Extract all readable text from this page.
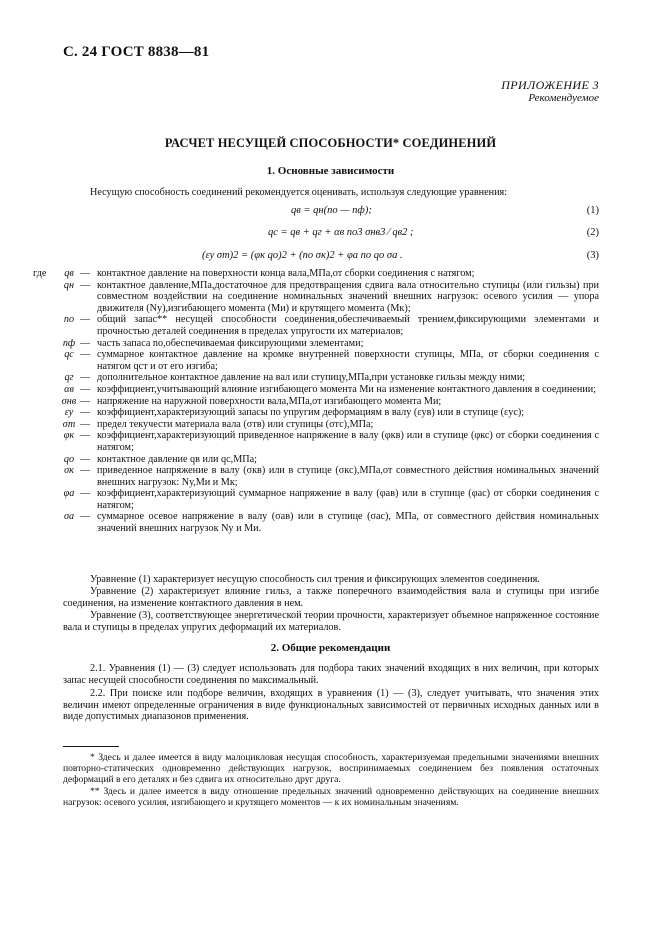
С. 24 ГОСТ 8838—81
ПРИЛОЖЕНИЕ 3
Рекомендуемое
РАСЧЕТ НЕСУЩЕЙ СПОСОБНОСТИ* СОЕДИНЕНИЙ
1. Основные зависимости
Несущую способность соединений рекомендуется оценивать, используя следующие уравнения:
qв = qн(nо — nф);	(1)
qс = qв + qг + αв nо3 σнв3 ⁄ qв2 ;	(2)
(εу σт)2 = (φк qо)2 + (nо σк)2 + φа nо qо σа .	(3)
где	qв	—	контактное давление на поверхности конца вала,МПа,от сборки соединения с натягом;
	qн	—	контактное давление,МПа,достаточное для предотвращения сдвига вала относительно ступицы (или гильзы) при совместном воздействии на соединение номинальных значений внешних нагрузок: осевого усилия — упора движителя (Nу),изгибающего момента (Mи) и крутящего момента (Mк);
	nо	—	общий запас** несущей способности соединения,обеспечиваемый трением,фиксирующими элементами и прочностью деталей соединения в пределах упругости их материалов;
	nф	—	часть запаса nо,обеспечиваемая фиксирующими элементами;
	qс	—	суммарное контактное давление на кромке внутренней поверхности ступицы, МПа, от сборки соединения с натягом qст и от его изгиба;
	qг	—	дополнительное контактное давление на вал или ступицу,МПа,при установке гильзы между ними;
	αв	—	коэффициент,учитывающий влияние изгибающего момента Mи на изменение контактного давления в соединении;
	σнв	—	напряжение на наружной поверхности вала,МПа,от изгибающего момента Mи;
	εу	—	коэффициент,характеризующий запасы по упругим деформациям в валу (εув) или в ступице (εус);
	σт	—	предел текучести материала вала (σтв) или ступицы (σтс),МПа;
	φк	—	коэффициент,характеризующий приведенное напряжение в валу (φкв) или в ступице (φкс) от сборки соединения с натягом;
	qо	—	контактное давление qв или qс,МПа;
	σк	—	приведенное напряжение в валу (σкв) или в ступице (σкс),МПа,от совместного действия номинальных значений внешних нагрузок: Nу,Mи и Mк;
	φа	—	коэффициент,характеризующий суммарное напряжение в валу (φав) или в ступице (φас) от сборки соединения с натягом;
	σа	—	суммарное осевое напряжение в валу (σав) или в ступице (σас), МПа, от совместного действия номинальных значений внешних нагрузок Nу и Mи.
Уравнение (1) характеризует несущую способность сил трения и фиксирующих элементов соединения.
Уравнение (2) характеризует влияние гильз, а также поперечного взаимодействия вала и ступицы при изгибе соединения, на изменение контактного давления в нем.
Уравнение (3), соответствующее энергетической теории прочности, характеризует объемное напряженное состояние вала и ступицы в пределах упругих деформаций их материалов.
2. Общие рекомендации
2.1. Уравнения (1) — (3) следует использовать для подбора таких значений входящих в них величин, при которых запас несущей способности соединения nо максимальный.
2.2. При поиске или подборе величин, входящих в уравнения (1) — (3), следует учитывать, что значения этих величин имеют определенные ограничения в виде функциональных зависимостей от первичных исходных данных или в виде допустимых диапазонов применения.
* Здесь и далее имеется в виду малоцикловая несущая способность, характеризуемая предельными значениями внешних повторно-статических одновременно действующих нагрузок, воспринимаемых соединением без появления остаточных деформаций в его деталях и без сдвига их относительно друг друга.
** Здесь и далее имеется в виду отношение предельных значений одновременно действующих на соединение внешних нагрузок: осевого усилия, изгибающего и крутящего моментов — к их номинальным значениям.
